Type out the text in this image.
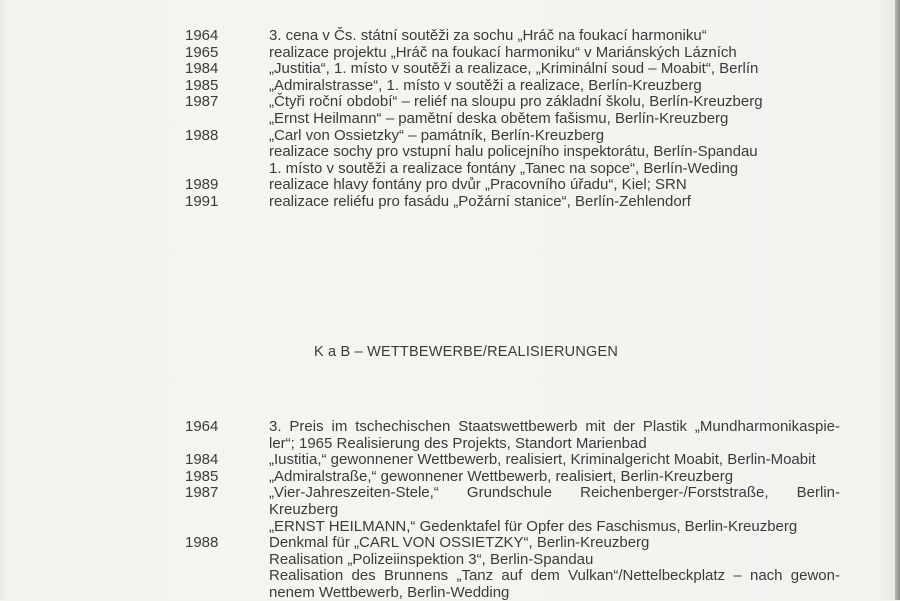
1964	3. cena v Čs. státní soutěži za sochu „Hráč na foukací harmoniku“
1965	realizace projektu „Hráč na foukací harmoniku“ v Mariánských Lázních
1984	„Justitia“, 1. místo v soutěži a realizace, „Kriminální soud – Moabit“, Berlín
1985	„Admiralstrasse“, 1. místo v soutěži a realizace, Berlín-Kreuzberg
1987	„Čtyři roční období“ – reliéf na sloupu pro základní školu, Berlín-Kreuzberg
„Ernst Heilmann“ – pamětní deska obětem fašismu, Berlín-Kreuzberg
1988	„Carl von Ossietzky“ – památník, Berlín-Kreuzberg
realizace sochy pro vstupní halu policejního inspektorátu, Berlín-Spandau
1. místo v soutěži a realizace fontány „Tanec na sopce“, Berlín-Weding
1989	realizace hlavy fontány pro dvůr „Pracovního úřadu“, Kiel; SRN
1991	realizace reliéfu pro fasádu „Požární stanice“, Berlín-Zehlendorf
K a B – WETTBEWERBE/REALISIERUNGEN
1964	3. Preis im tschechischen Staatswettbewerb mit der Plastik „Mundharmonikaspie-
ler“; 1965 Realisierung des Projekts, Standort Marienbad
1984	„Iustitia,“ gewonnener Wettbewerb, realisiert, Kriminalgericht Moabit, Berlin-Moabit
1985	„Admiralstraße,“ gewonnener Wettbewerb, realisiert, Berlin-Kreuzberg
1987	„Vier-Jahreszeiten-Stele,“ Grundschule Reichenberger-/Forststraße, Berlin-
Kreuzberg
„ERNST HEILMANN,“ Gedenktafel für Opfer des Faschismus, Berlin-Kreuzberg
1988	Denkmal für „CARL VON OSSIETZKY“, Berlin-Kreuzberg
Realisation „Polizeiinspektion 3“, Berlin-Spandau
Realisation des Brunnens „Tanz auf dem Vulkan“/Nettelbeckplatz – nach gewon-
nenem Wettbewerb, Berlin-Wedding
